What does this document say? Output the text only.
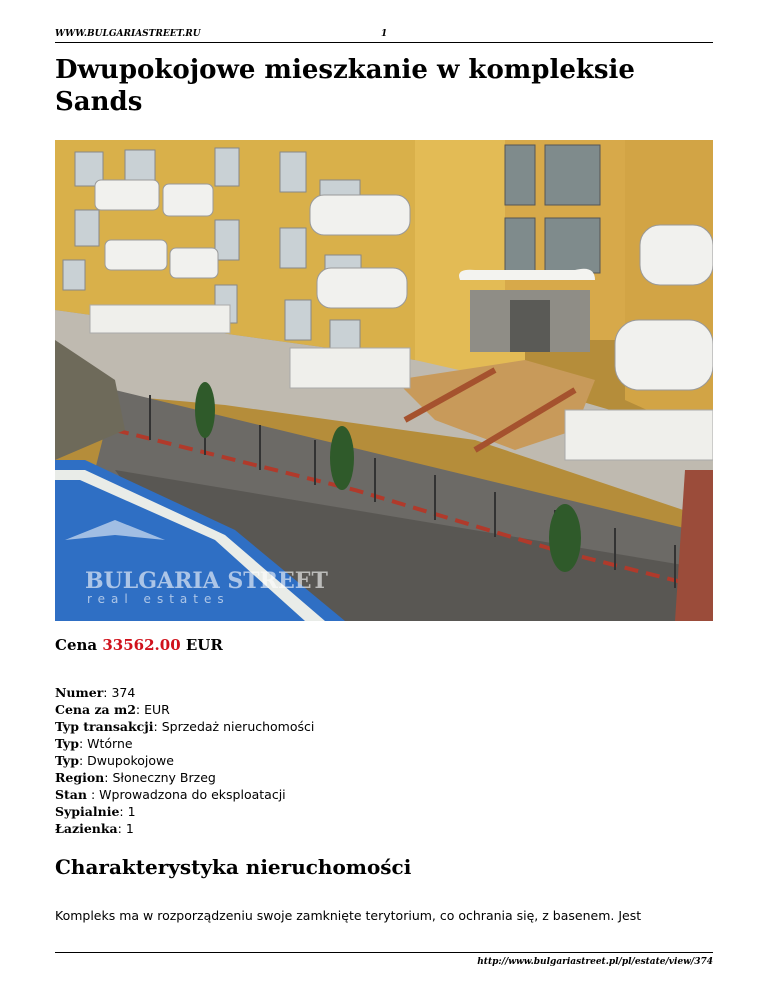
WWW.BULGARIASTREET.RU	1
Dwupokojowe mieszkanie w kompleksie Sands
BULGARIA STREET
real estates
Cena 33562.00 EUR
Numer: 374
Cena za m2: EUR
Typ transakcji: Sprzedaż nieruchomości
Typ: Wtórne
Typ: Dwupokojowe
Region: Słoneczny Brzeg
Stan : Wprowadzona do eksploatacji
Sypialnie: 1
Łazienka: 1
Charakterystyka nieruchomości
Kompleks ma w rozporządzeniu swoje zamknięte terytorium, co ochrania się, z basenem. Jest
http://www.bulgariastreet.pl/pl/estate/view/374
